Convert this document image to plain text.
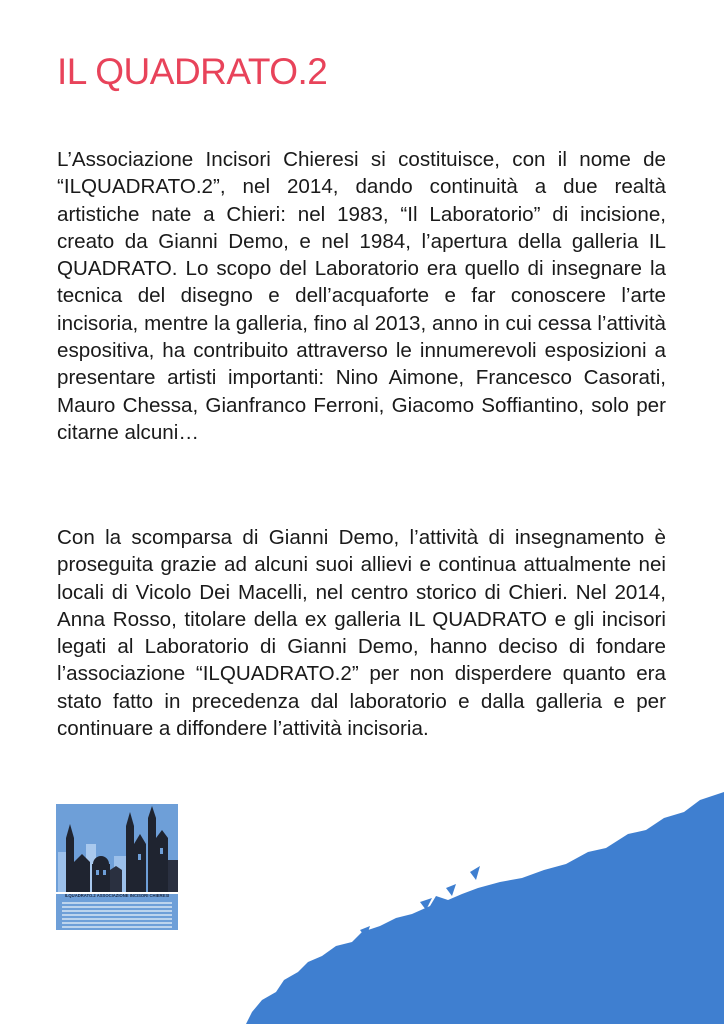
IL QUADRATO.2

L’Associazione Incisori Chieresi si costituisce, con il nome de “ILQUADRATO.2”, nel 2014, dando continuità a due realtà artistiche nate a Chieri: nel 1983, “Il Laboratorio” di incisione, creato da Gianni Demo, e nel 1984, l’apertura della galleria IL QUADRATO. Lo scopo del Laboratorio era quello di insegnare la tecnica del disegno e dell’acquaforte e far conoscere l’arte incisoria, mentre la galleria, fino al 2013, anno in cui cessa l’attività espositiva, ha contribuito attraverso le innumerevoli esposizioni a presentare artisti importanti: Nino Aimone, Francesco Casorati, Mauro Chessa, Gianfranco Ferroni, Giacomo Soffiantino, solo per citarne alcuni…

Con la scomparsa di Gianni Demo, l’attività di insegnamento è proseguita grazie ad alcuni suoi allievi e continua attualmente nei locali di Vicolo Dei Macelli, nel centro storico di Chieri. Nel 2014, Anna Rosso, titolare della ex galleria IL QUADRATO e gli incisori legati al Laboratorio di Gianni Demo, hanno deciso di fondare l’associazione “ILQUADRATO.2” per non disperdere quanto era stato fatto in precedenza dal laboratorio e dalla galleria e per continuare a diffondere l’attività incisoria.

ILQUADRATO.2 ASSOCIAZIONE INCISORI CHIERESI
